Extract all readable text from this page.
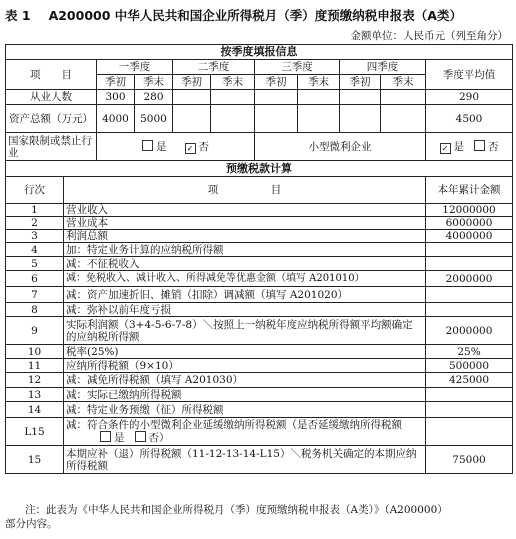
表 1 A200000 中华人民共和国企业所得税月（季）度预缴纳税申报表（A类）
金额单位：人民币元（列至角分）
按季度填报信息										
项　　目		一季度		二季度		三季度		四季度		季度平均值
		季初	季末	季初	季末	季初	季末	季初	季末	
从业人数		300	280							290
资产总额（万元）		4000	5000							4500
国家限制或禁止行业		是 ✓ 否				小型微利企业				✓ 是 否
预缴税款计算										
行次	项　　　　　目									本年累计金额
1	营业收入									12000000
2	营业成本									6000000
3	利润总额									4000000
4	加：特定业务计算的应纳税所得额									
5	减：不征税收入									
6	减：免税收入、减计收入、所得减免等优惠金额（填写 A201010）									2000000
7	减：资产加速折旧、摊销（扣除）调减额（填写 A201020）									
8	减：弥补以前年度亏损									
9	实际利润额（3+4-5-6-7-8）＼按照上一纳税年度应纳税所得额平均额确定的应纳税所得额									2000000
10	税率(25%)									25%
11	应纳所得税额（9×10）									500000
12	减：减免所得税额（填写 A201030）									425000
13	减：实际已缴纳所得税额									
14	减：特定业务预缴（征）所得税额									
L15	减：符合条件的小型微利企业延缓缴纳所得税额（是否延缓缴纳所得税额
是 否）									
15	本期应补（退）所得税额（11-12-13-14-L15）＼税务机关确定的本期应纳所得税额									75000
注：此表为《中华人民共和国企业所得税月（季）度预缴纳税申报表（A类）》（A200000）
部分内容。
